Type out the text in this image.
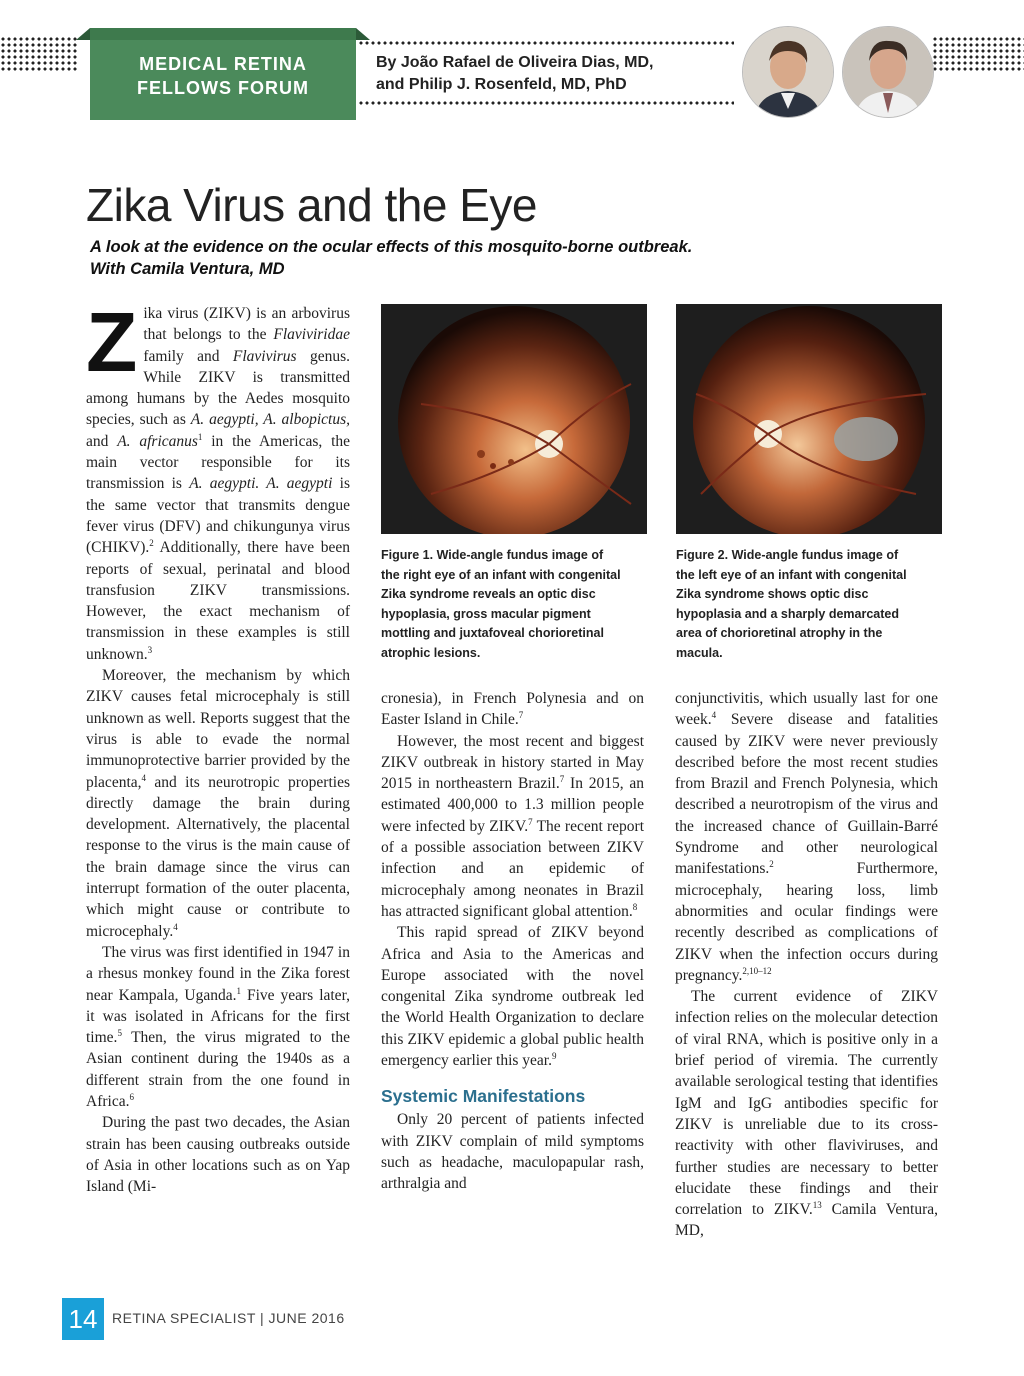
MEDICAL RETINA
FELLOWS FORUM
By João Rafael de Oliveira Dias, MD,
and Philip J. Rosenfeld, MD, PhD
Zika Virus and the Eye
A look at the evidence on the ocular effects of this mosquito-borne outbreak.
With Camila Ventura, MD

Zika virus (ZIKV) is an arbovirus that belongs to the Flaviviridae family and Flavivirus genus. While ZIKV is transmitted among humans by the Aedes mosquito species, such as A. aegypti, A. albopictus, and A. africanus$^1$ in the Americas, the main vector responsible for its transmission is A. aegypti. A. aegypti is the same vector that transmits dengue fever virus (DFV) and chikungunya virus (CHIKV).$^2$ Additionally, there have been reports of sexual, perinatal and blood transfusion ZIKV transmissions. However, the exact mechanism of transmission in these examples is still unknown.$^3$

Moreover, the mechanism by which ZIKV causes fetal microcephaly is still unknown as well. Reports suggest that the virus is able to evade the normal immunoprotective barrier provided by the placenta,$^4$ and its neurotropic properties directly damage the brain during development. Alternatively, the placental response to the virus is the main cause of the brain damage since the virus can interrupt formation of the outer placenta, which might cause or contribute to microcephaly.$^4$

The virus was first identified in 1947 in a rhesus monkey found in the Zika forest near Kampala, Uganda.$^1$ Five years later, it was isolated in Africans for the first time.$^5$ Then, the virus migrated to the Asian continent during the 1940s as a different strain from the one found in Africa.$^6$

During the past two decades, the Asian strain has been causing outbreaks outside of Asia in other locations such as on Yap Island (Mi-

Figure 1. Wide-angle fundus image of
the right eye of an infant with congenital
Zika syndrome reveals an optic disc
hypoplasia, gross macular pigment
mottling and juxtafoveal chorioretinal
atrophic lesions.
Figure 2. Wide-angle fundus image of
the left eye of an infant with congenital
Zika syndrome shows optic disc
hypoplasia and a sharply demarcated
area of chorioretinal atrophy in the
macula.

cronesia), in French Polynesia and on Easter Island in Chile.$^7$

However, the most recent and biggest ZIKV outbreak in history started in May 2015 in northeastern Brazil.$^7$ In 2015, an estimated 400,000 to 1.3 million people were infected by ZIKV.$^7$ The recent report of a possible association between ZIKV infection and an epidemic of microcephaly among neonates in Brazil has attracted significant global attention.$^8$

This rapid spread of ZIKV beyond Africa and Asia to the Americas and Europe associated with the novel congenital Zika syndrome outbreak led the World Health Organization to declare this ZIKV epidemic a global public health emergency earlier this year.$^9$

Systemic Manifestations

Only 20 percent of patients infected with ZIKV complain of mild symptoms such as headache, maculopapular rash, arthralgia and

conjunctivitis, which usually last for one week.$^4$ Severe disease and fatalities caused by ZIKV were never previously described before the most recent studies from Brazil and French Polynesia, which described a neurotropism of the virus and the increased chance of Guillain-Barré Syndrome and other neurological manifestations.$^2$ Furthermore, microcephaly, hearing loss, limb abnormities and ocular findings were recently described as complications of ZIKV when the infection occurs during pregnancy.$^{2,10-12}$

The current evidence of ZIKV infection relies on the molecular detection of viral RNA, which is positive only in a brief period of viremia. The currently available serological testing that identifies IgM and IgG antibodies specific for ZIKV is unreliable due to its cross-reactivity with other flaviviruses, and further studies are necessary to better elucidate these findings and their correlation to ZIKV.$^{13}$ Camila Ventura, MD,

14	RETINA SPECIALIST | JUNE 2016
